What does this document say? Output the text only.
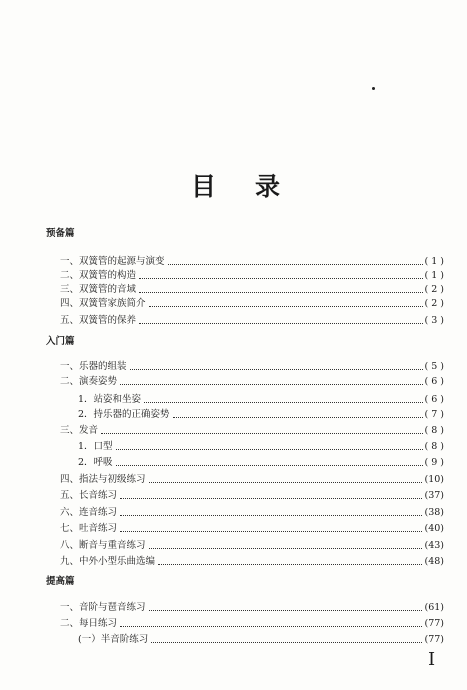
目 录
预备篇
一、双簧管的起源与演变	( 1 )
二、双簧管的构造	( 1 )
三、双簧管的音域	( 2 )
四、双簧管家族简介	( 2 )
五、双簧管的保养	( 3 )
入门篇
一、乐器的组装	( 5 )
二、演奏姿势	( 6 )
1．站姿和坐姿	( 6 )
2．持乐器的正确姿势	( 7 )
三、发音	( 8 )
1．口型	( 8 )
2．呼吸	( 9 )
四、指法与初级练习	(10)
五、长音练习	(37)
六、连音练习	(38)
七、吐音练习	(40)
八、断音与重音练习	(43)
九、中外小型乐曲选编	(48)
提高篇
一、音阶与琶音练习	(61)
二、每日练习	(77)
(一）半音阶练习	(77)
I
